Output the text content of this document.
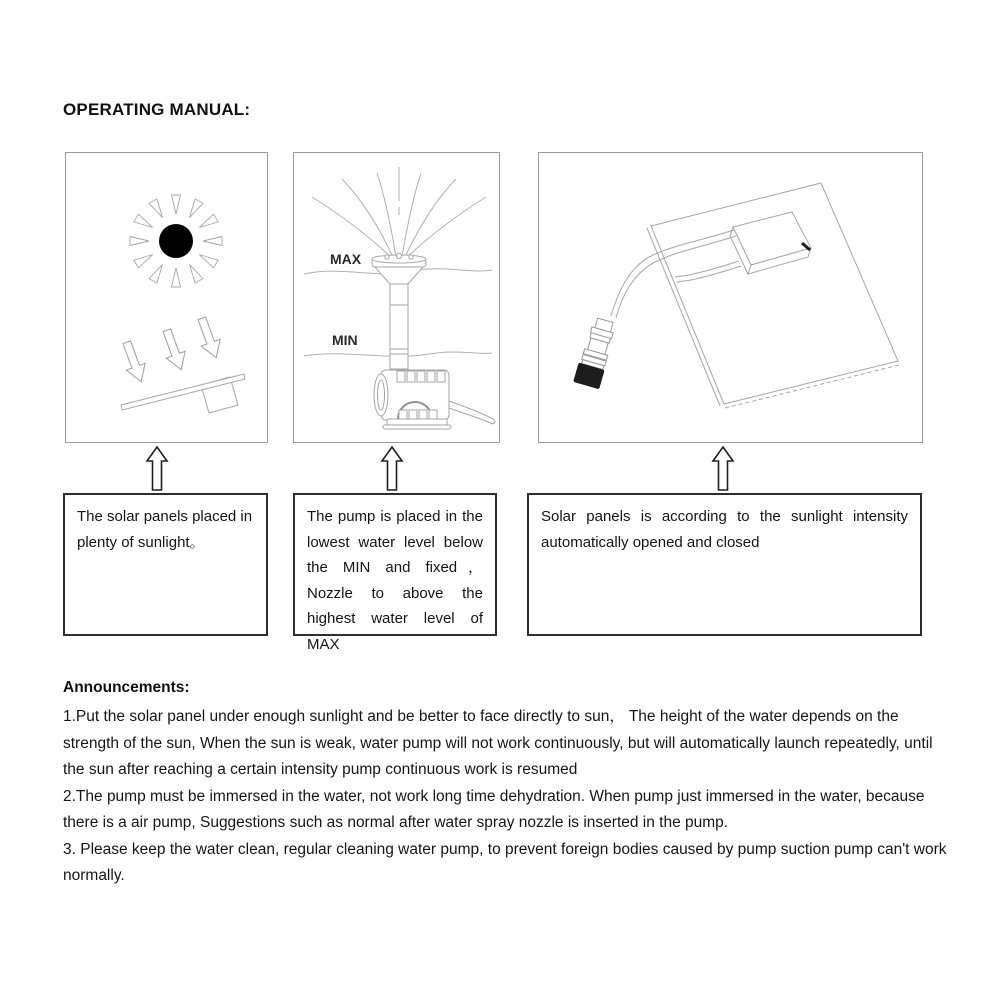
OPERATING MANUAL:
MAX
MIN

The solar panels placed in plenty of sunlight。

The pump is placed in the lowest water level below the MIN and fixed，Nozzle to above the highest water level of MAX

Solar panels is according to the sunlight intensity automatically opened and closed

Announcements:

1.Put the solar panel under enough sunlight and be better to face directly to sun， The height of the water depends on the strength of the sun, When the sun is weak, water pump will not work continuously, but will automatically launch repeatedly, until the sun after reaching a certain intensity pump continuous work is resumed

2.The pump must be immersed in the water, not work long time dehydration. When pump just immersed in the water, because there is a air pump, Suggestions such as normal after water spray nozzle is inserted in the pump.

3. Please keep the water clean, regular cleaning water pump, to prevent foreign bodies caused by pump suction pump can't work normally.
